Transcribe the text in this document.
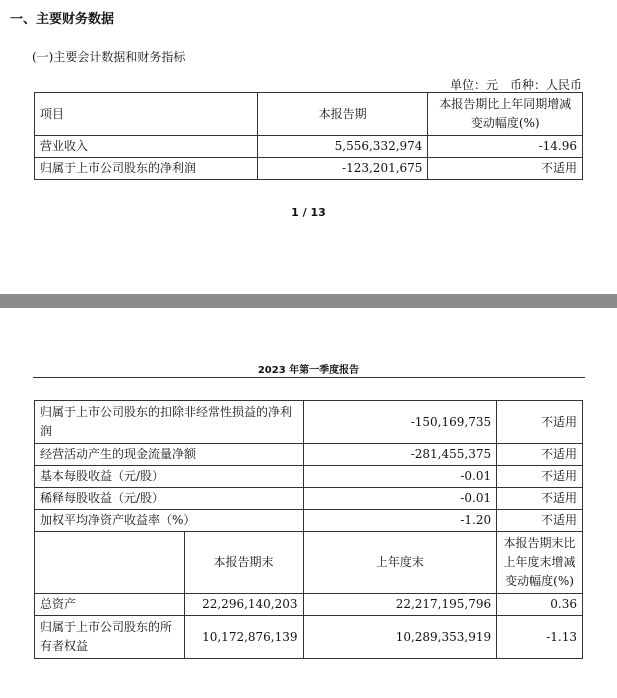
一、主要财务数据
(一)主要会计数据和财务指标
单位：元　币种：人民币
项目	本报告期	本报告期比上年同期增减变动幅度(%)
营业收入	5,556,332,974	-14.96
归属于上市公司股东的净利润	-123,201,675	不适用
1 / 13
2023 年第一季度报告
归属于上市公司股东的扣除非经常性损益的净利润		-150,169,735	不适用
经营活动产生的现金流量净额		-281,455,375	不适用
基本每股收益（元/股）		-0.01	不适用
稀释每股收益（元/股）		-0.01	不适用
加权平均净资产收益率（%）		-1.20	不适用
	本报告期末	上年度末	本报告期末比上年度末增减变动幅度(%)
总资产	22,296,140,203	22,217,195,796	0.36
归属于上市公司股东的所有者权益	10,172,876,139	10,289,353,919	-1.13
